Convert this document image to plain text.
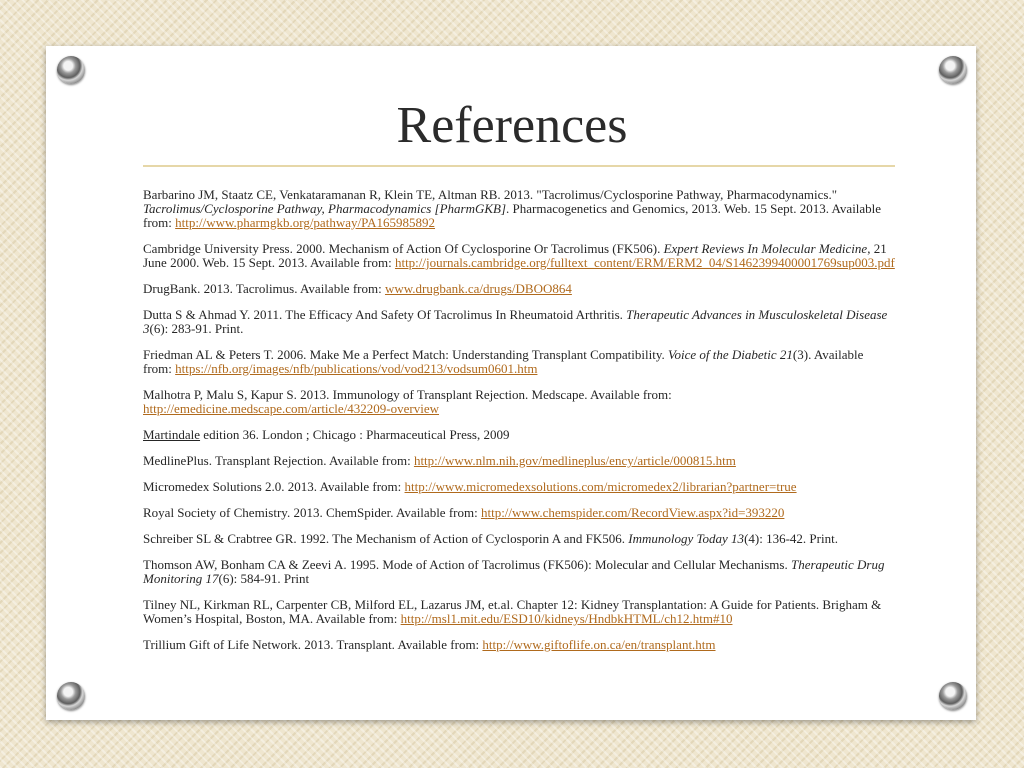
References

Barbarino JM, Staatz CE, Venkataramanan R, Klein TE, Altman RB. 2013. "Tacrolimus/Cyclosporine Pathway, Pharmacodynamics." Tacrolimus/Cyclosporine Pathway, Pharmacodynamics [PharmGKB]. Pharmacogenetics and Genomics, 2013. Web. 15 Sept. 2013. Available from: http://www.pharmgkb.org/pathway/PA165985892

Cambridge University Press. 2000. Mechanism of Action Of Cyclosporine Or Tacrolimus (FK506). Expert Reviews In Molecular Medicine, 21 June 2000. Web. 15 Sept. 2013. Available from: http://journals.cambridge.org/fulltext_content/ERM/ERM2_04/S1462399400001769sup003.pdf

DrugBank. 2013. Tacrolimus. Available from: www.drugbank.ca/drugs/DBOO864

Dutta S & Ahmad Y. 2011. The Efficacy And Safety Of Tacrolimus In Rheumatoid Arthritis. Therapeutic Advances in Musculoskeletal Disease 3(6): 283-91. Print.

Friedman AL & Peters T. 2006. Make Me a Perfect Match: Understanding Transplant Compatibility. Voice of the Diabetic 21(3). Available from: https://nfb.org/images/nfb/publications/vod/vod213/vodsum0601.htm

Malhotra P, Malu S, Kapur S. 2013. Immunology of Transplant Rejection. Medscape. Available from: http://emedicine.medscape.com/article/432209-overview

Martindale edition 36. London ; Chicago : Pharmaceutical Press, 2009

MedlinePlus. Transplant Rejection. Available from: http://www.nlm.nih.gov/medlineplus/ency/article/000815.htm

Micromedex Solutions 2.0. 2013. Available from: http://www.micromedexsolutions.com/micromedex2/librarian?partner=true

Royal Society of Chemistry. 2013. ChemSpider. Available from: http://www.chemspider.com/RecordView.aspx?id=393220

Schreiber SL & Crabtree GR. 1992. The Mechanism of Action of Cyclosporin A and FK506. Immunology Today 13(4): 136-42. Print.

Thomson AW, Bonham CA & Zeevi A. 1995. Mode of Action of Tacrolimus (FK506): Molecular and Cellular Mechanisms. Therapeutic Drug Monitoring 17(6): 584-91. Print

Tilney NL, Kirkman RL, Carpenter CB, Milford EL, Lazarus JM, et.al. Chapter 12: Kidney Transplantation: A Guide for Patients. Brigham & Women’s Hospital, Boston, MA. Available from: http://msl1.mit.edu/ESD10/kidneys/HndbkHTML/ch12.htm#10

Trillium Gift of Life Network. 2013. Transplant. Available from: http://www.giftoflife.on.ca/en/transplant.htm
